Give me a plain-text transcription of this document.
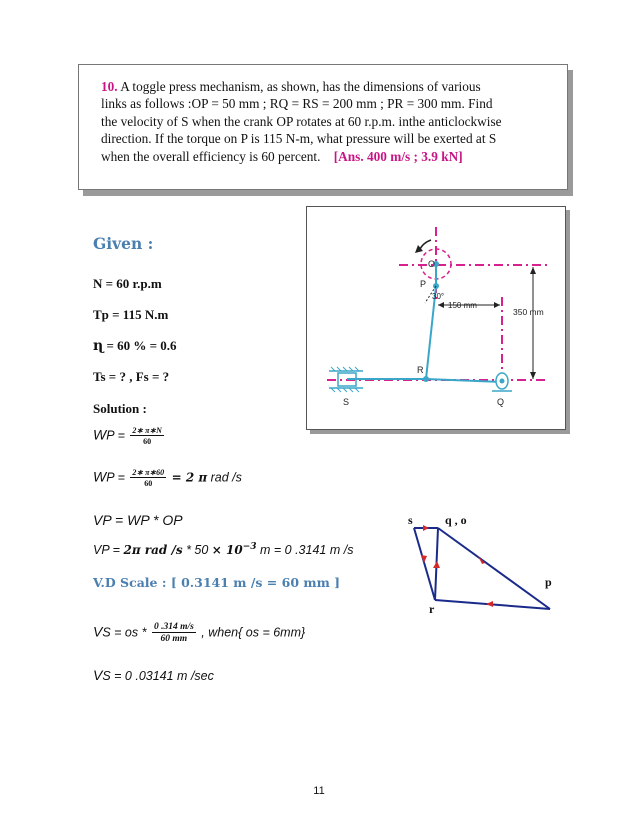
10. A toggle press mechanism, as shown, has the dimensions of various
links as follows :OP = 50 mm ; RQ = RS = 200 mm ; PR = 300 mm. Find
the velocity of S when the crank OP rotates at 60 r.p.m. inthe anticlockwise
direction. If the torque on P is 115 N-m, what pressure will be exerted at S
when the overall efficiency is 60 percent. [Ans. 400 m/s ; 3.9 kN]
P
O
30°
150 mm
350 mm
R
S	Q
Given :
N = 60 r.p.m
Tp = 115 N.m
ɳ = 60 % = 0.6
Ts = ? , Fs = ?
Solution :
WP = $\frac{2∗ \pi∗N}{60}$
WP = $\frac{2∗ \pi∗60}{60} = 2$ π rad /s
VP = WP * OP
VP = 2π rad $/s * 50 \times 10^{-3}$ m = 0 .3141 m /s
V.D Scale : [ 0.3141 m /s = 60 mm ]
VS = os * $\frac{0 .314 m/s}{60 mm}$ , when{ os = 6mm}
VS = 0 .03141 m /sec
s	q , o
p
r
11
